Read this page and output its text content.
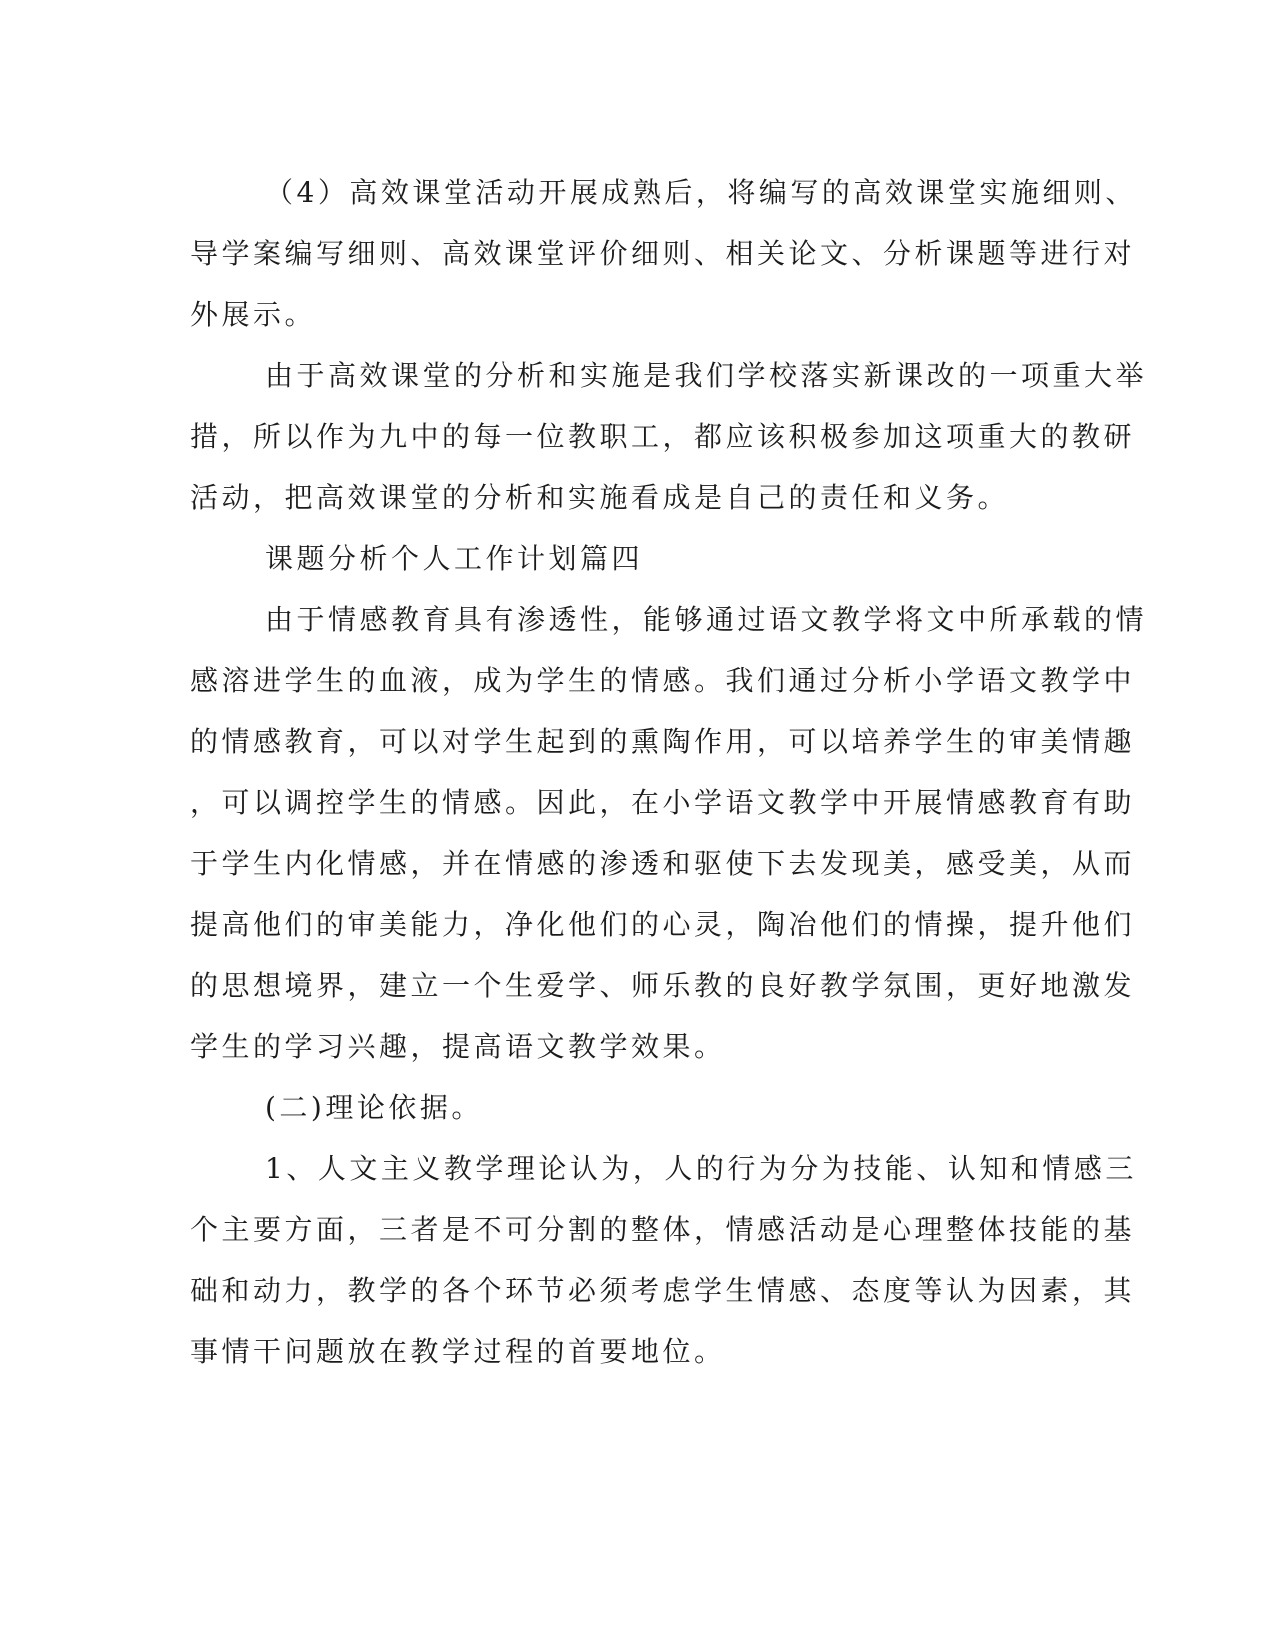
（4）高效课堂活动开展成熟后，将编写的高效课堂实施细则、
导学案编写细则、高效课堂评价细则、相关论文、分析课题等进行对
外展示。

由于高效课堂的分析和实施是我们学校落实新课改的一项重大举
措，所以作为九中的每一位教职工，都应该积极参加这项重大的教研
活动，把高效课堂的分析和实施看成是自己的责任和义务。

课题分析个人工作计划篇四

由于情感教育具有渗透性，能够通过语文教学将文中所承载的情
感溶进学生的血液，成为学生的情感。我们通过分析小学语文教学中
的情感教育，可以对学生起到的熏陶作用，可以培养学生的审美情趣
，可以调控学生的情感。因此，在小学语文教学中开展情感教育有助
于学生内化情感，并在情感的渗透和驱使下去发现美，感受美，从而
提高他们的审美能力，净化他们的心灵，陶冶他们的情操，提升他们
的思想境界，建立一个生爱学、师乐教的良好教学氛围，更好地激发
学生的学习兴趣，提高语文教学效果。

(二)理论依据。

1、人文主义教学理论认为，人的行为分为技能、认知和情感三
个主要方面，三者是不可分割的整体，情感活动是心理整体技能的基
础和动力，教学的各个环节必须考虑学生情感、态度等认为因素，其
事情干问题放在教学过程的首要地位。
